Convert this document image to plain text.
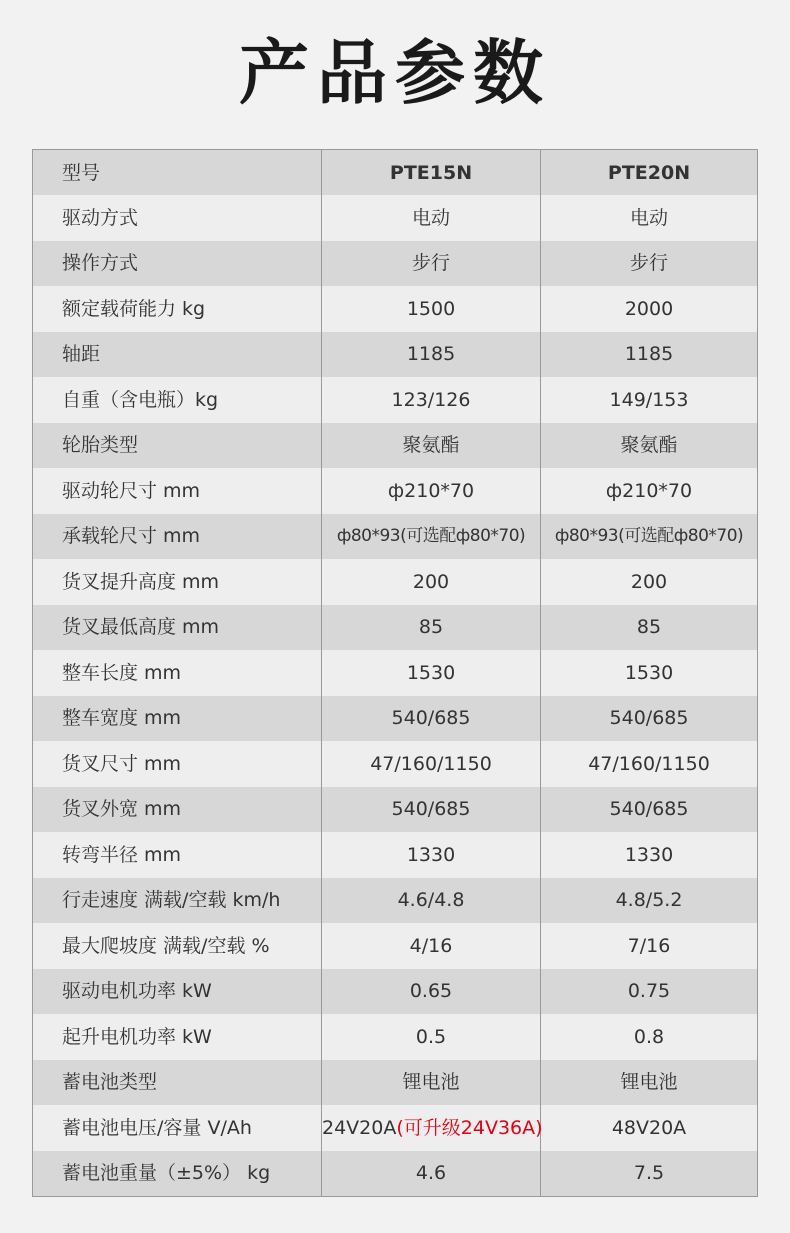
产品参数
型号	PTE15N	PTE20N
驱动方式	电动	电动
操作方式	步行	步行
额定载荷能力 kg	1500	2000
轴距	1185	1185
自重（含电瓶）kg	123/126	149/153
轮胎类型	聚氨酯	聚氨酯
驱动轮尺寸 mm	ф210*70	ф210*70
承载轮尺寸 mm	ф80*93(可选配ф80*70)	ф80*93(可选配ф80*70)
货叉提升高度 mm	200	200
货叉最低高度 mm	85	85
整车长度 mm	1530	1530
整车宽度 mm	540/685	540/685
货叉尺寸 mm	47/160/1150	47/160/1150
货叉外宽 mm	540/685	540/685
转弯半径 mm	1330	1330
行走速度 满载/空载 km/h	4.6/4.8	4.8/5.2
最大爬坡度 满载/空载 %	4/16	7/16
驱动电机功率 kW	0.65	0.75
起升电机功率 kW	0.5	0.8
蓄电池类型	锂电池	锂电池
蓄电池电压/容量 V/Ah	24V20A(可升级24V36A)	48V20A
蓄电池重量（±5%） kg	4.6	7.5
